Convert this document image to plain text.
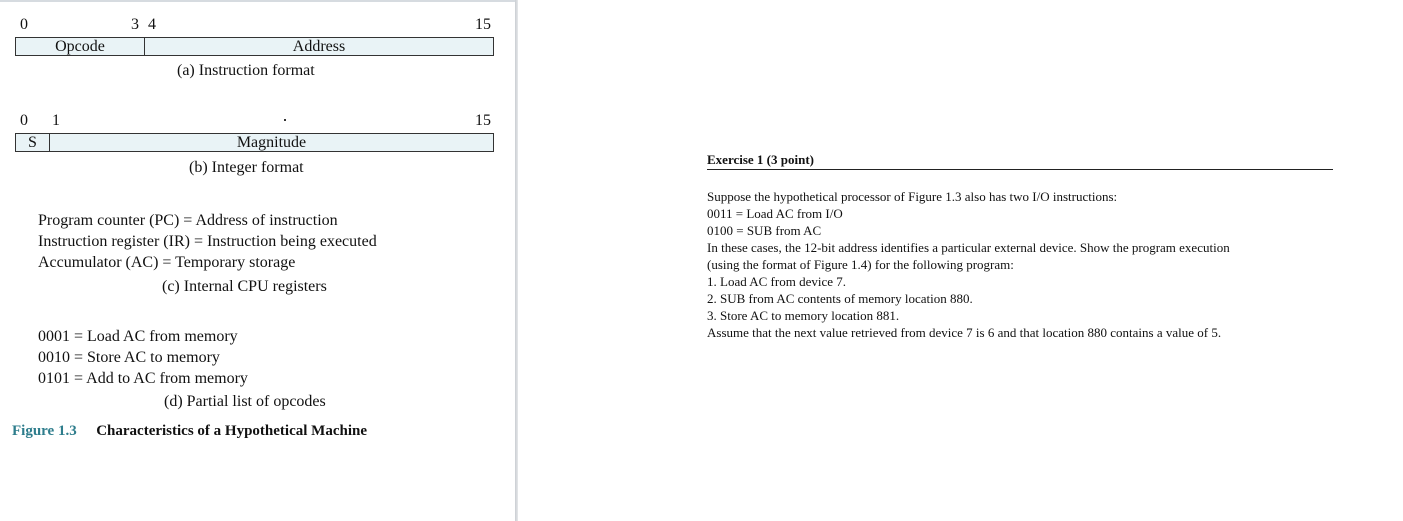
0	3 4	15
Opcode	Address
(a) Instruction format
0 1	15
S	Magnitude
(b) Integer format
Program counter (PC) = Address of instruction
Instruction register (IR) = Instruction being executed
Accumulator (AC) = Temporary storage
(c) Internal CPU registers
0001 = Load AC from memory
0010 = Store AC to memory
0101 = Add to AC from memory
(d) Partial list of opcodes
Figure 1.3 Characteristics of a Hypothetical Machine
Exercise 1 (3 point)
Suppose the hypothetical processor of Figure 1.3 also has two I/O instructions:
0011 = Load AC from I/O
0100 = SUB from AC
In these cases, the 12-bit address identifies a particular external device. Show the program execution
(using the format of Figure 1.4) for the following program:
1. Load AC from device 7.
2. SUB from AC contents of memory location 880.
3. Store AC to memory location 881.
Assume that the next value retrieved from device 7 is 6 and that location 880 contains a value of 5.
